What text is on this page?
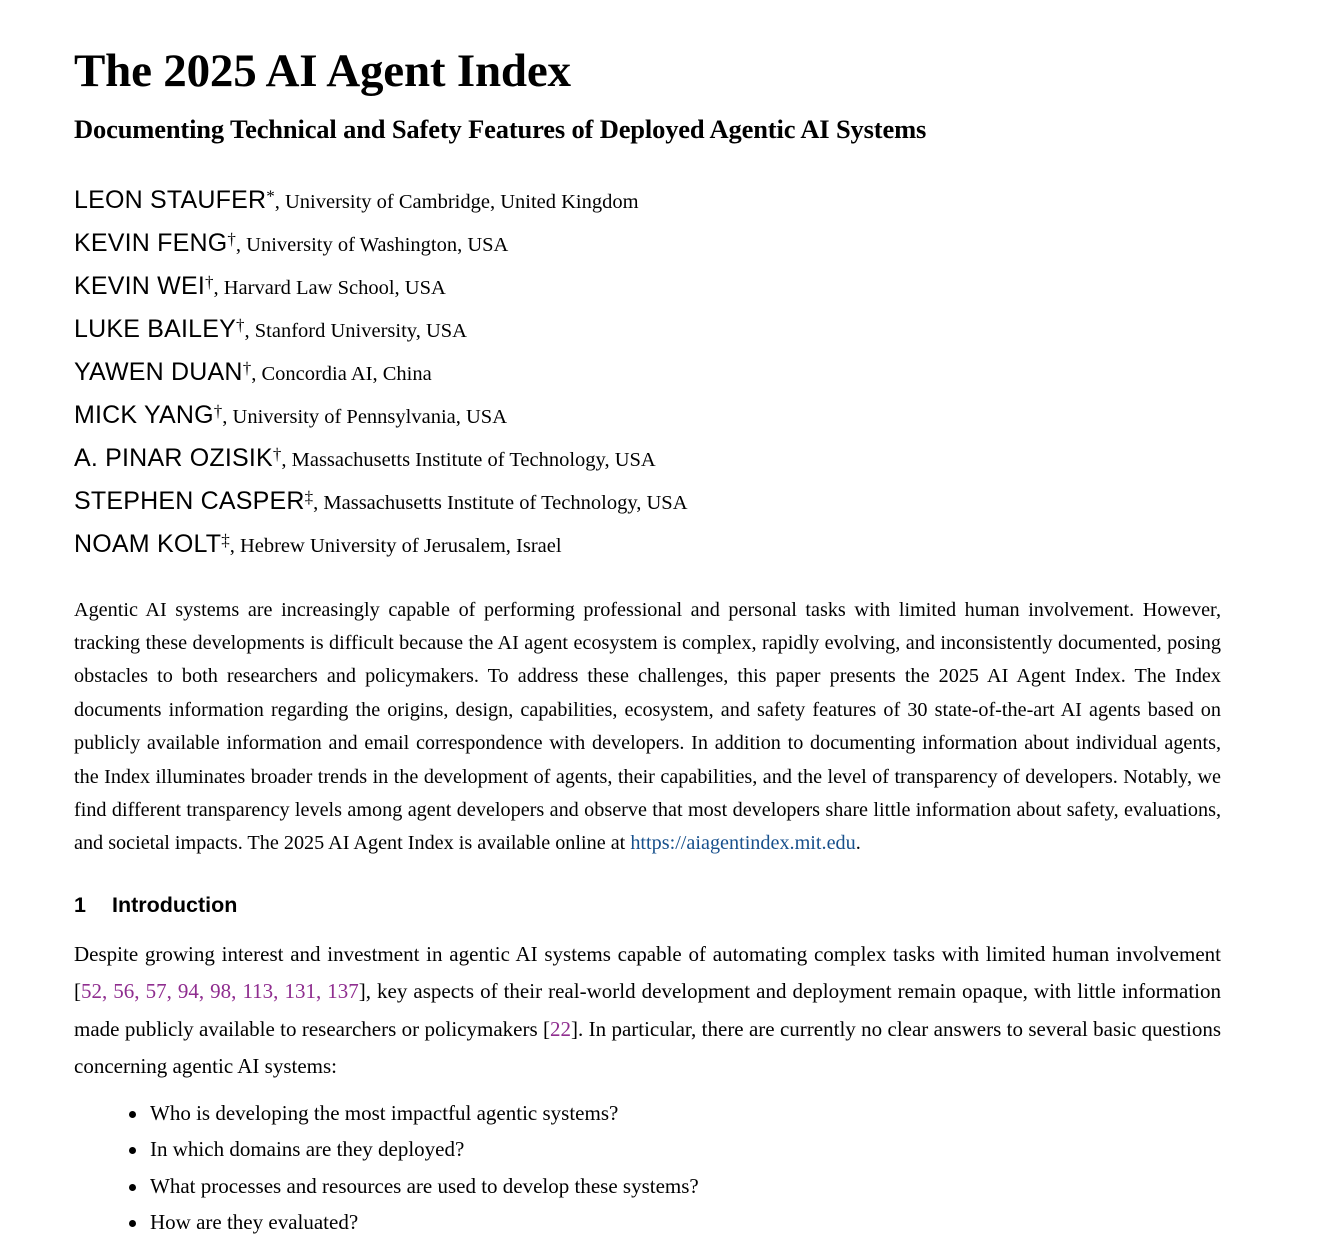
The 2025 AI Agent Index
Documenting Technical and Safety Features of Deployed Agentic AI Systems
LEON STAUFER*, University of Cambridge, United Kingdom
KEVIN FENG†, University of Washington, USA
KEVIN WEI†, Harvard Law School, USA
LUKE BAILEY†, Stanford University, USA
YAWEN DUAN†, Concordia AI, China
MICK YANG†, University of Pennsylvania, USA
A. PINAR OZISIK†, Massachusetts Institute of Technology, USA
STEPHEN CASPER‡, Massachusetts Institute of Technology, USA
NOAM KOLT‡, Hebrew University of Jerusalem, Israel

Agentic AI systems are increasingly capable of performing professional and personal tasks with limited human involvement. However, tracking these developments is difficult because the AI agent ecosystem is complex, rapidly evolving, and inconsistently documented, posing obstacles to both researchers and policymakers. To address these challenges, this paper presents the 2025 AI Agent Index. The Index documents information regarding the origins, design, capabilities, ecosystem, and safety features of 30 state-of-the-art AI agents based on publicly available information and email correspondence with developers. In addition to documenting information about individual agents, the Index illuminates broader trends in the development of agents, their capabilities, and the level of transparency of developers. Notably, we find different transparency levels among agent developers and observe that most developers share little information about safety, evaluations, and societal impacts. The 2025 AI Agent Index is available online at https://aiagentindex.mit.edu.

1 Introduction

Despite growing interest and investment in agentic AI systems capable of automating complex tasks with limited human involvement [52, 56, 57, 94, 98, 113, 131, 137], key aspects of their real-world development and deployment remain opaque, with little information made publicly available to researchers or policymakers [22]. In particular, there are currently no clear answers to several basic questions concerning agentic AI systems:

Who is developing the most impactful agentic systems?
In which domains are they deployed?
What processes and resources are used to develop these systems?
How are they evaluated?
